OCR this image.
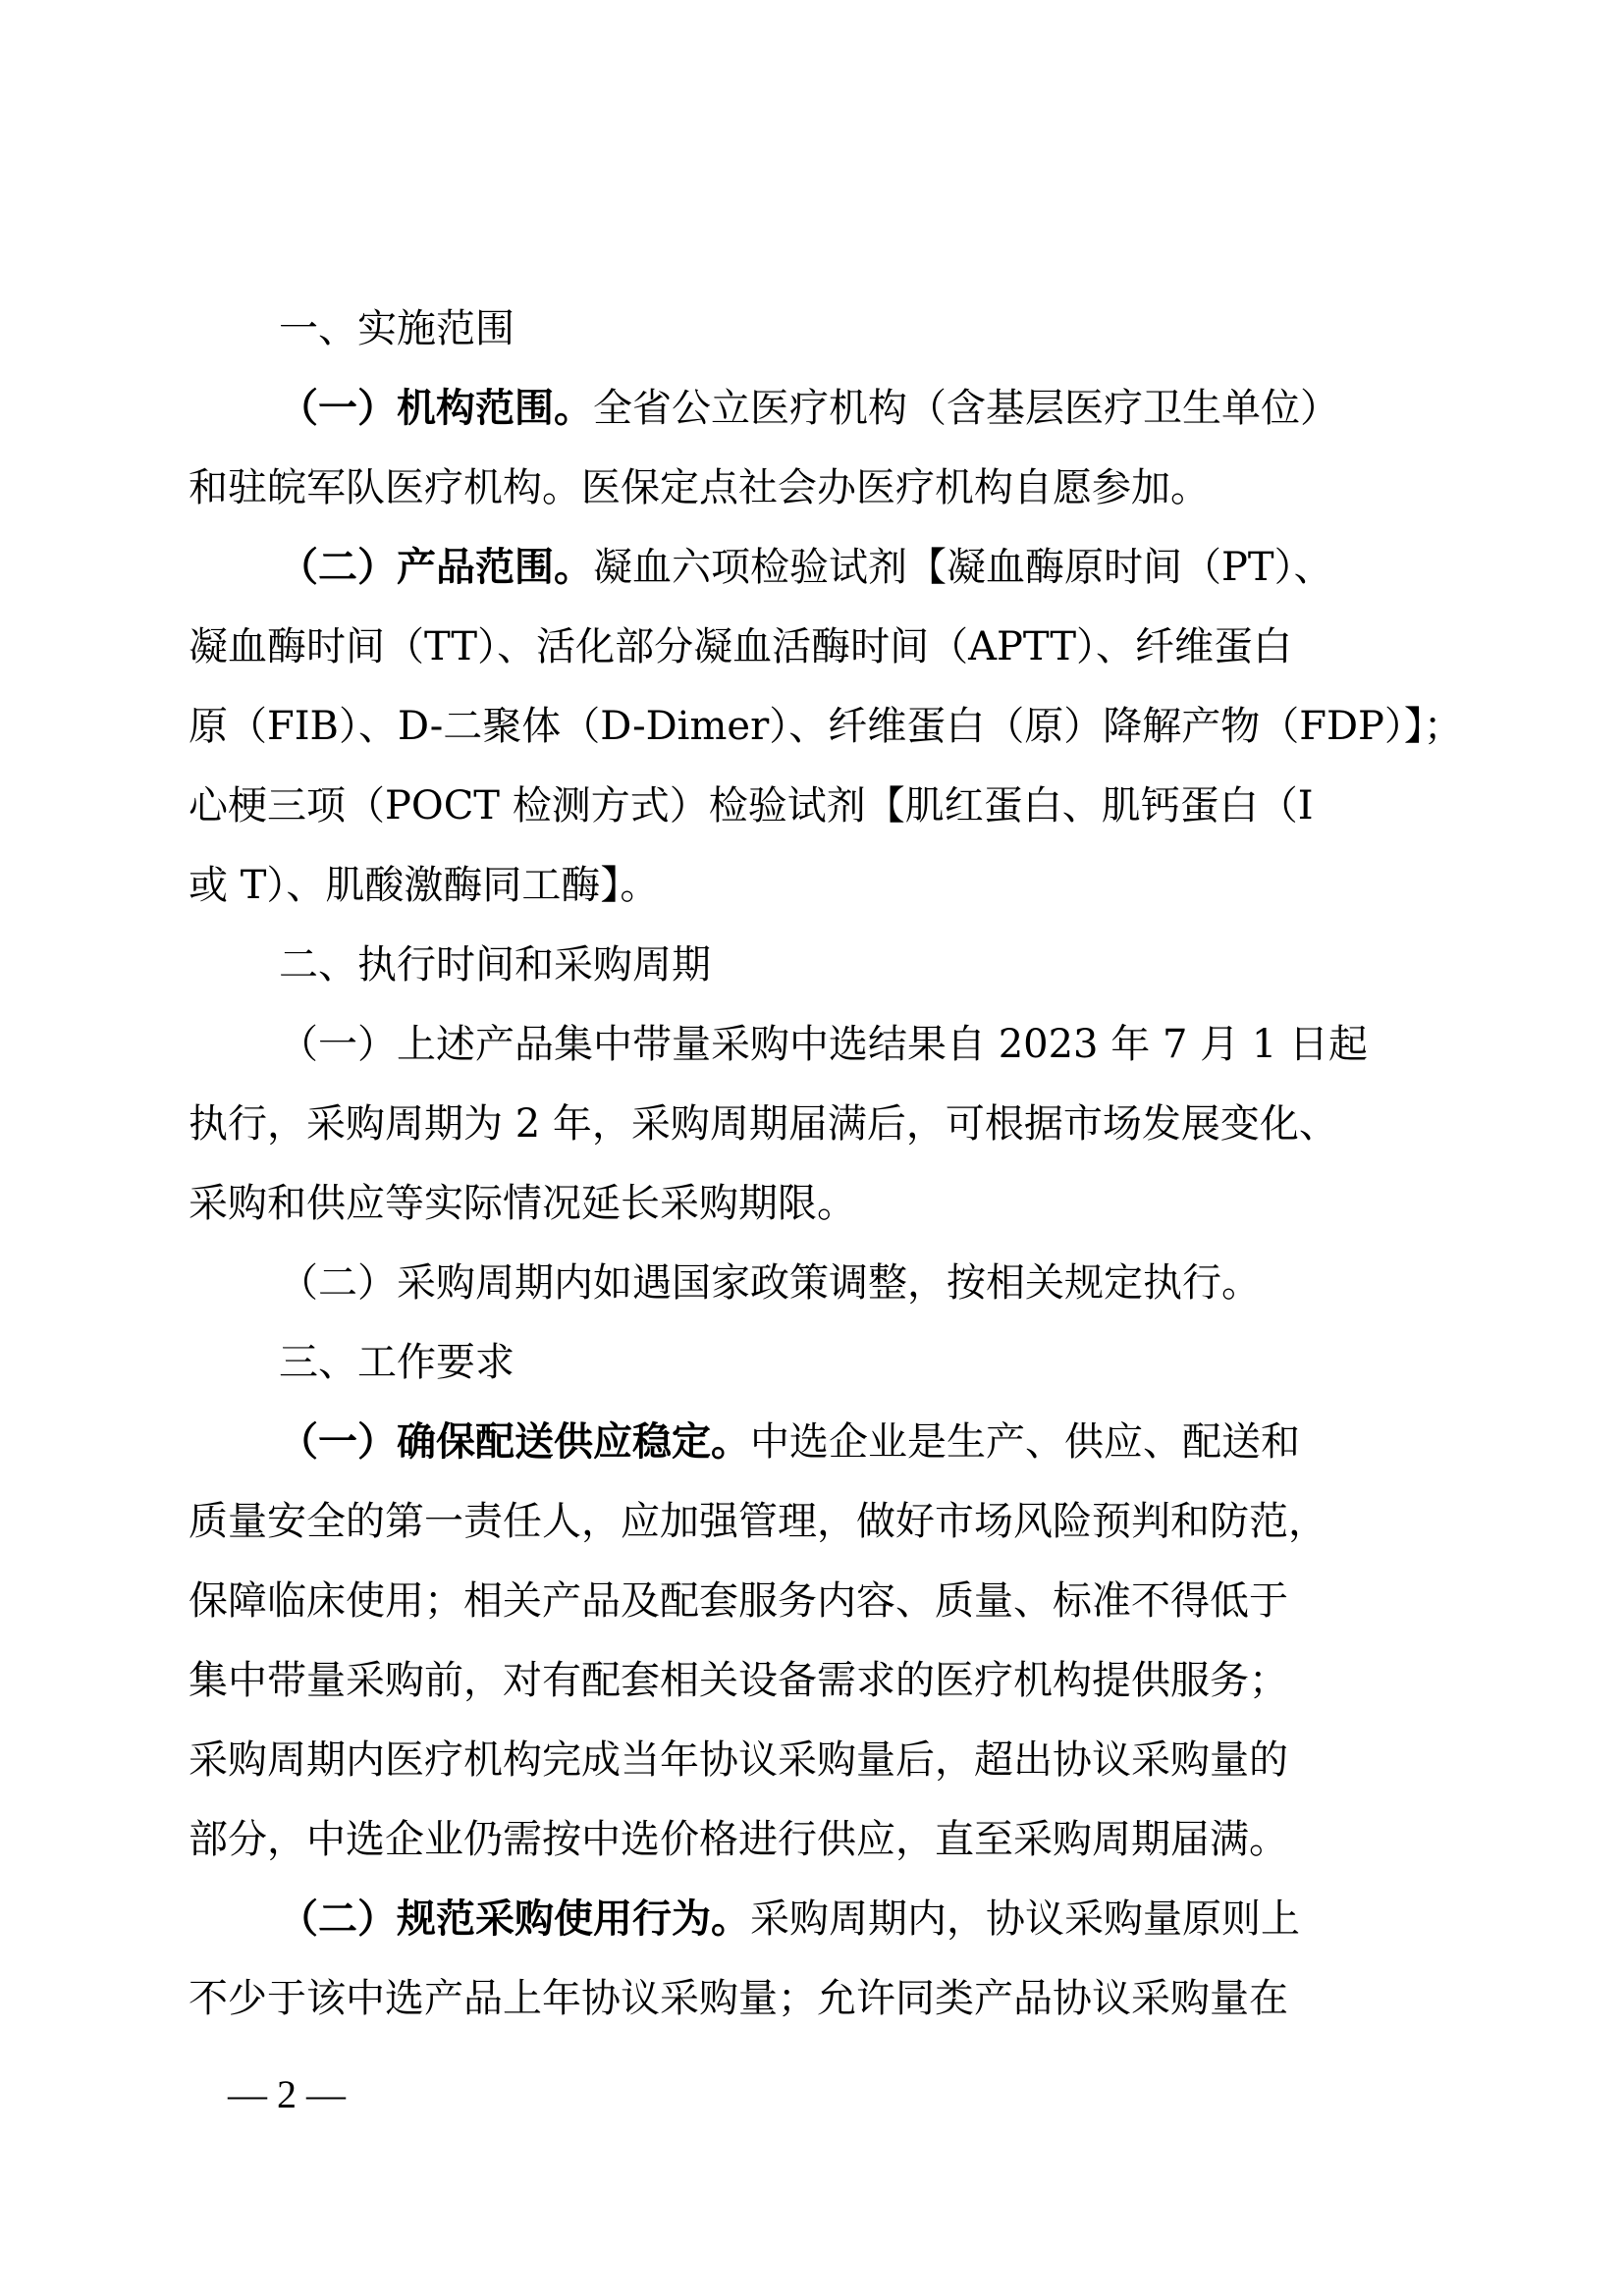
一、实施范围
（一）机构范围。全省公立医疗机构（含基层医疗卫生单位）
和驻皖军队医疗机构。医保定点社会办医疗机构自愿参加。
（二）产品范围。凝血六项检验试剂【凝血酶原时间（PT）、
凝血酶时间（TT）、活化部分凝血活酶时间（APTT）、纤维蛋白
原（FIB）、D-二聚体（D-Dimer）、纤维蛋白（原）降解产物（FDP）】；
心梗三项（POCT 检测方式）检验试剂【肌红蛋白、肌钙蛋白（I
或 T）、肌酸激酶同工酶】。
二、执行时间和采购周期
（一）上述产品集中带量采购中选结果自 2023 年 7 月 1 日起
执行，采购周期为 2 年，采购周期届满后，可根据市场发展变化、
采购和供应等实际情况延长采购期限。
（二）采购周期内如遇国家政策调整，按相关规定执行。
三、工作要求
（一）确保配送供应稳定。中选企业是生产、供应、配送和
质量安全的第一责任人，应加强管理，做好市场风险预判和防范，
保障临床使用；相关产品及配套服务内容、质量、标准不得低于
集中带量采购前，对有配套相关设备需求的医疗机构提供服务；
采购周期内医疗机构完成当年协议采购量后，超出协议采购量的
部分，中选企业仍需按中选价格进行供应，直至采购周期届满。
（二）规范采购使用行为。采购周期内，协议采购量原则上
不少于该中选产品上年协议采购量；允许同类产品协议采购量在
— 2 —
